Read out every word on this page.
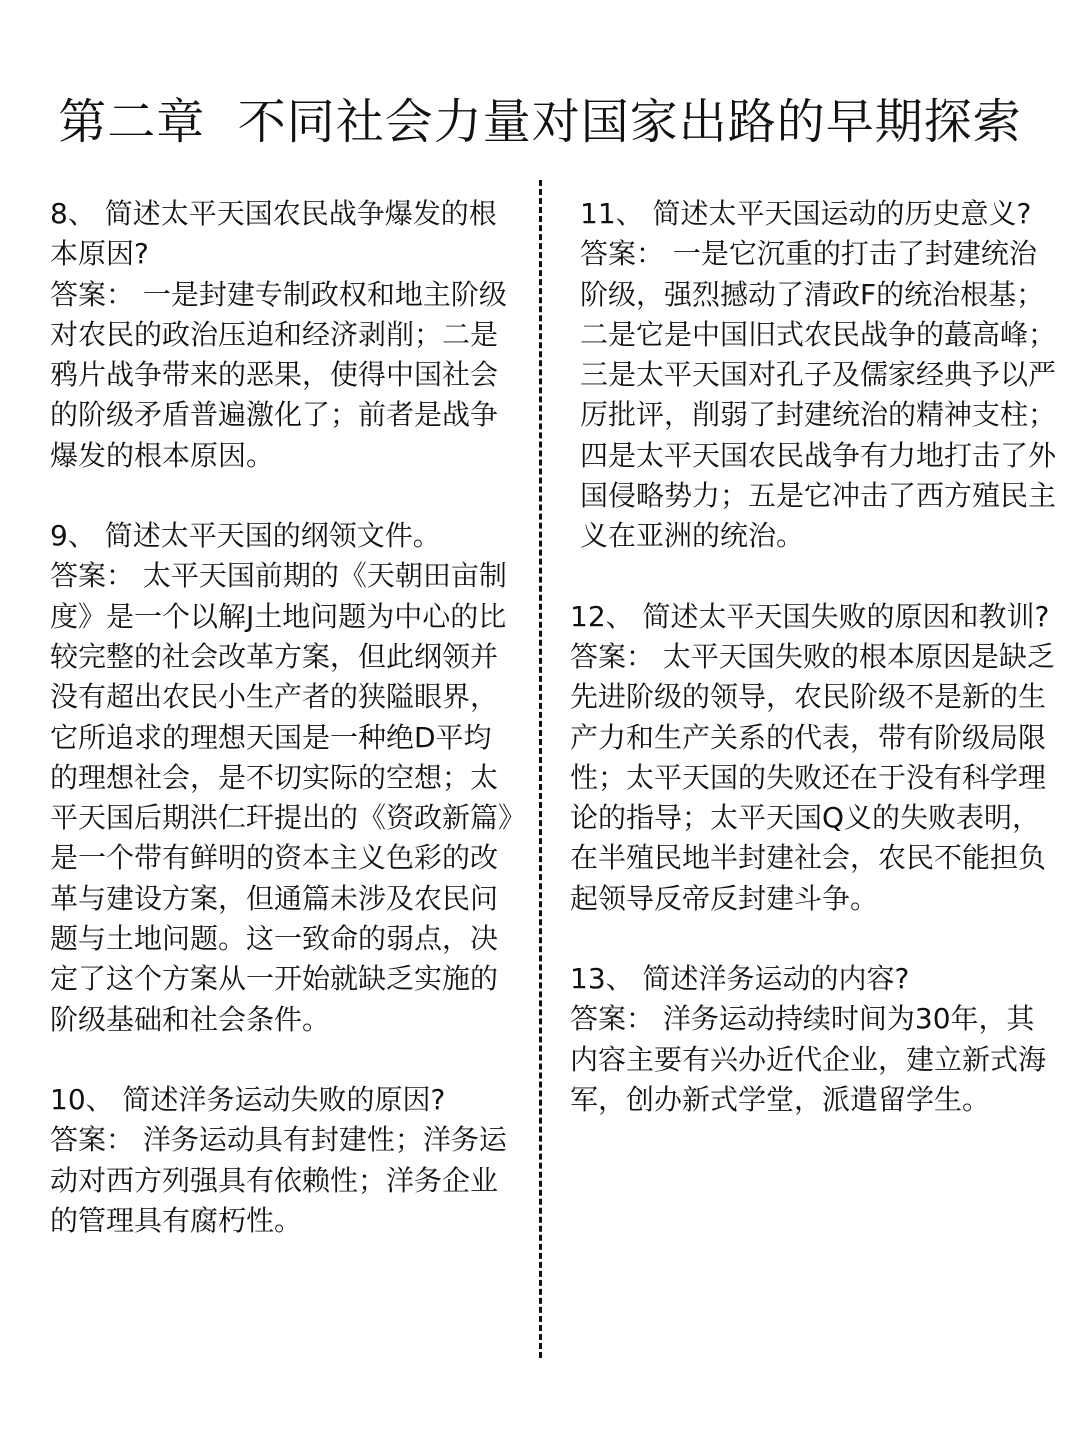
第二章  不同社会力量对国家出路的早期探索

8、 简述太平天国农民战争爆发的根本原因?

答案： 一是封建专制政权和地主阶级对农民的政治压迫和经济剥削；二是鸦片战争带来的恶果，使得中国社会的阶级矛盾普遍激化了；前者是战争爆发的根本原因。

9、 简述太平天国的纲领文件。

答案： 太平天国前期的《天朝田亩制度》是一个以解J土地问题为中心的比较完整的社会改革方案，但此纲领并没有超出农民小生产者的狭隘眼界，它所追求的理想天国是一种绝D平均的理想社会，是不切实际的空想；太平天国后期洪仁玕提出的《资政新篇》是一个带有鲜明的资本主义色彩的改革与建设方案，但通篇未涉及农民问题与土地问题。这一致命的弱点，决定了这个方案从一开始就缺乏实施的阶级基础和社会条件。

10、 简述洋务运动失败的原因?

答案： 洋务运动具有封建性；洋务运动对西方列强具有依赖性；洋务企业的管理具有腐朽性。

11、 简述太平天国运动的历史意义?

答案： 一是它沉重的打击了封建统治阶级，强烈撼动了清政F的统治根基；二是它是中国旧式农民战争的蕞高峰；三是太平天国对孔子及儒家经典予以严厉批评，削弱了封建统治的精神支柱；四是太平天国农民战争有力地打击了外国侵略势力；五是它冲击了西方殖民主义在亚洲的统治。

12、 简述太平天国失败的原因和教训?

答案： 太平天国失败的根本原因是缺乏先进阶级的领导，农民阶级不是新的生产力和生产关系的代表，带有阶级局限性；太平天国的失败还在于没有科学理论的指导；太平天国Q义的失败表明，在半殖民地半封建社会，农民不能担负起领导反帝反封建斗争。

13、 简述洋务运动的内容?

答案： 洋务运动持续时间为30年，其内容主要有兴办近代企业，建立新式海军，创办新式学堂，派遣留学生。
